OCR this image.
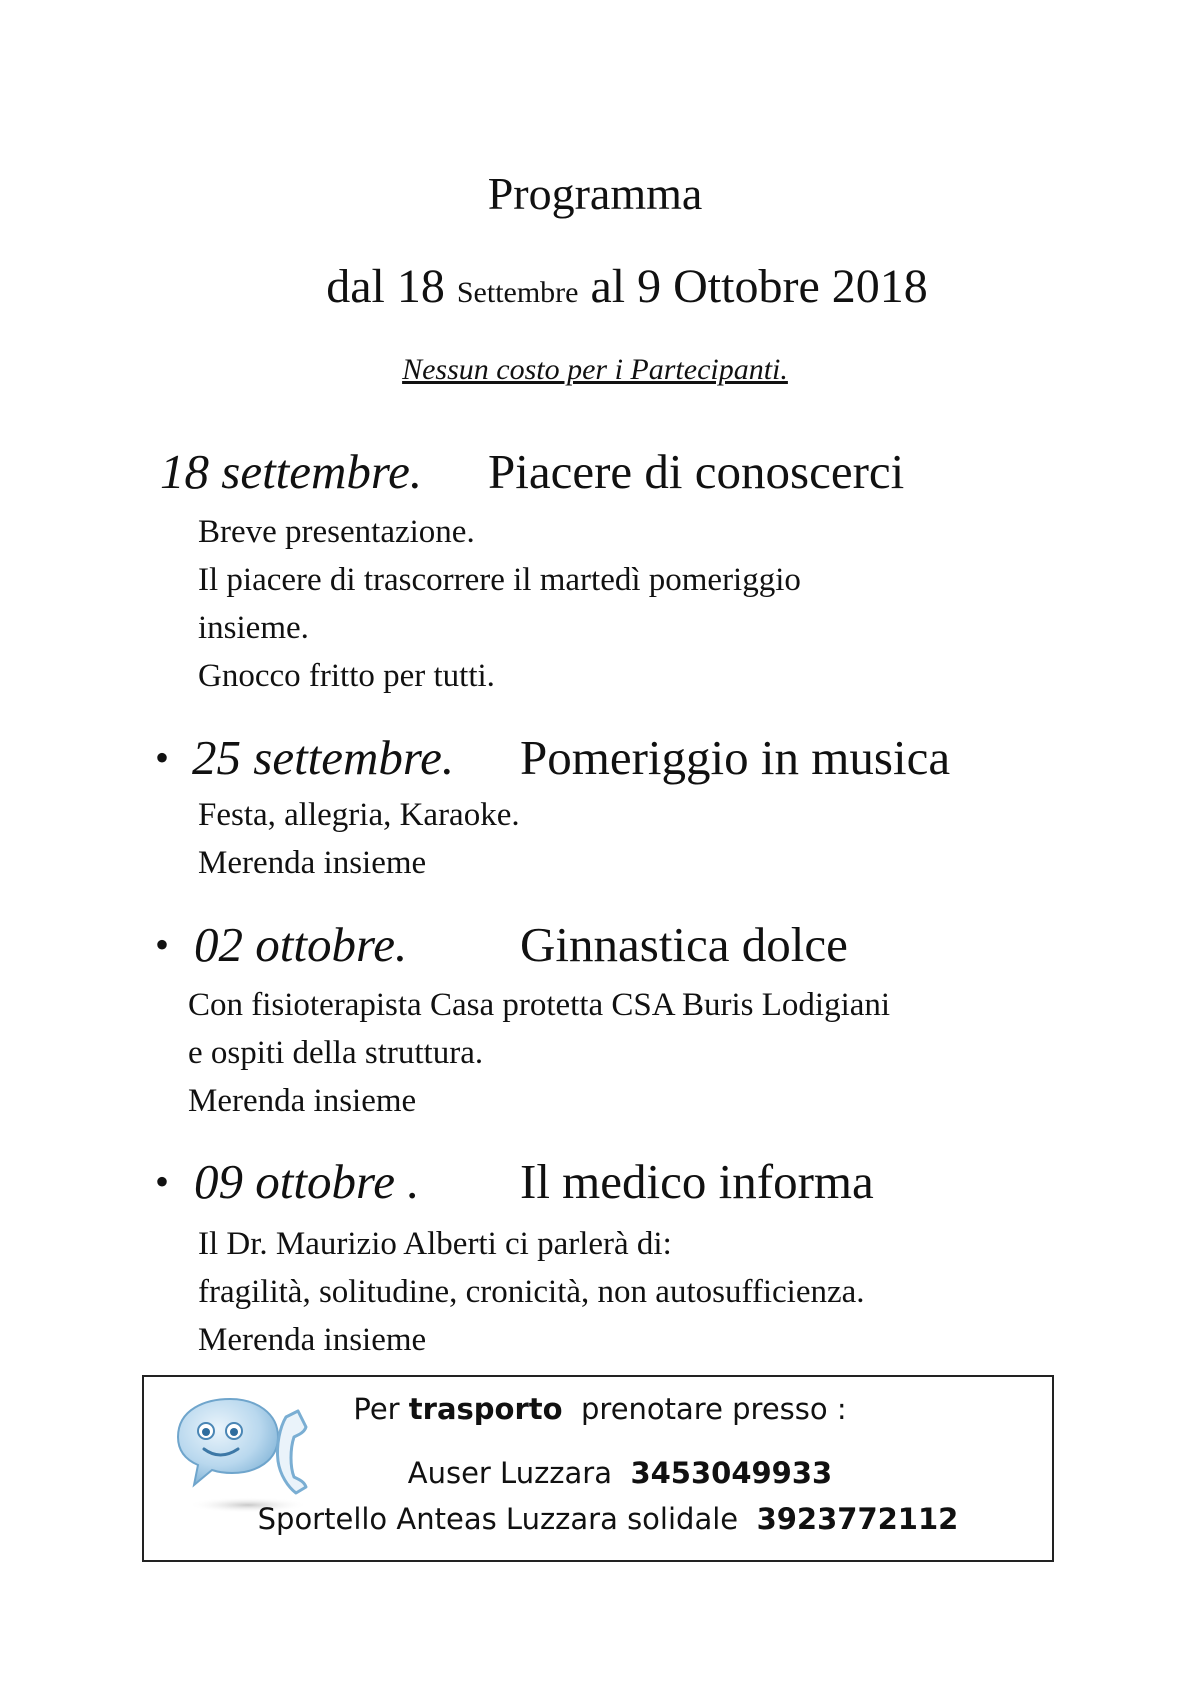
Programma
dal 18 Settembre al 9 Ottobre 2018
Nessun costo per i Partecipanti.
18 settembre. Piacere di conoscerci
Breve presentazione.
Il piacere di trascorrere il martedì pomeriggio
insieme.
Gnocco fritto per tutti.
• 25 settembre. Pomeriggio in musica
Festa, allegria, Karaoke.
Merenda insieme
• 02 ottobre. Ginnastica dolce
Con fisioterapista Casa protetta CSA Buris Lodigiani
e ospiti della struttura.
Merenda insieme
• 09 ottobre . Il medico informa
Il Dr. Maurizio Alberti ci parlerà di:
fragilità, solitudine, cronicità, non autosufficienza.
Merenda insieme
Per trasporto prenotare presso :
Auser Luzzara 3453049933
Sportello Anteas Luzzara solidale 3923772112
